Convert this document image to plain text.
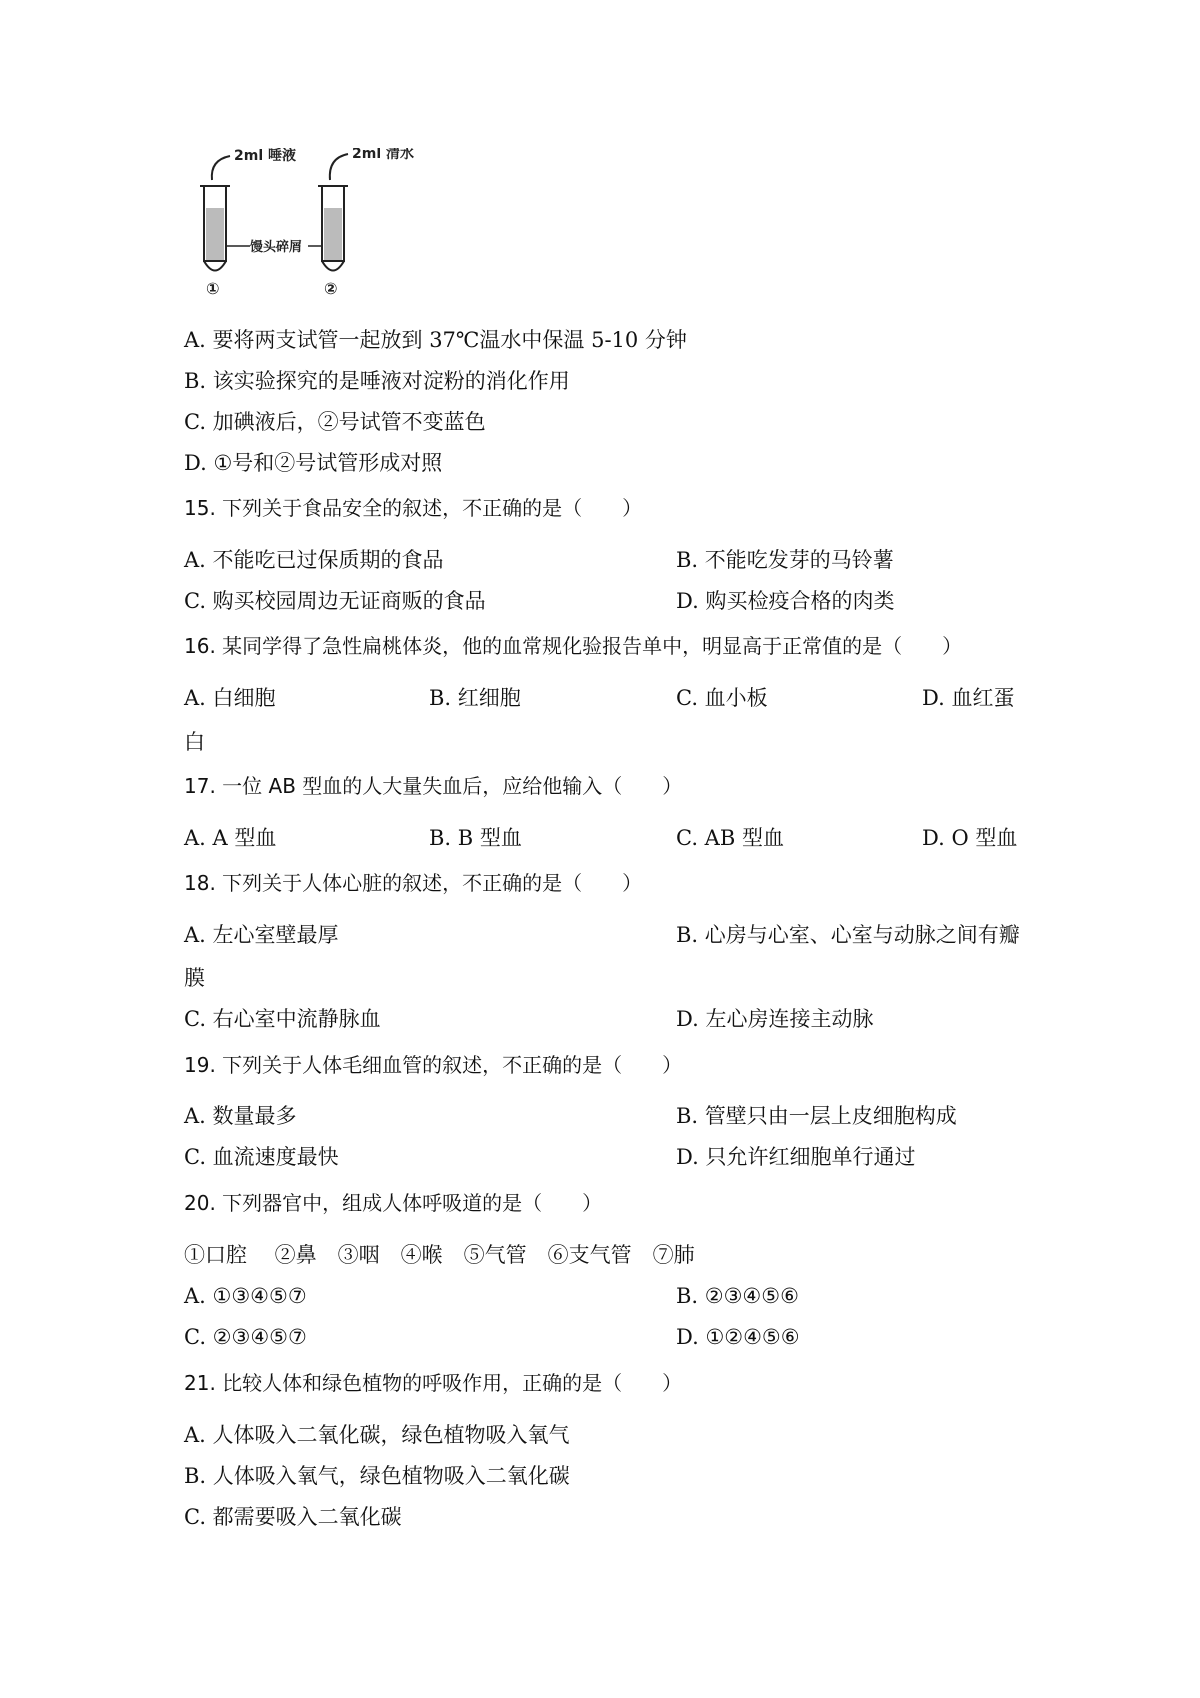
2ml 唾液	2ml 清水
馒头碎屑
①	②
A. 要将两支试管一起放到 37℃温水中保温 5-10 分钟
B. 该实验探究的是唾液对淀粉的消化作用
C. 加碘液后，②号试管不变蓝色
D. ①号和②号试管形成对照
15. 下列关于食品安全的叙述，不正确的是（　　）
A. 不能吃已过保质期的食品	B. 不能吃发芽的马铃薯
C. 购买校园周边无证商贩的食品	D. 购买检疫合格的肉类
16. 某同学得了急性扁桃体炎，他的血常规化验报告单中，明显高于正常值的是（　　）
A. 白细胞	B. 红细胞	C. 血小板	D. 血红蛋
白
17. 一位 AB 型血的人大量失血后，应给他输入（　　）
A. A 型血	B. B 型血	C. AB 型血	D. O 型血
18. 下列关于人体心脏的叙述，不正确的是（　　）
A. 左心室壁最厚	B. 心房与心室、心室与动脉之间有瓣
膜
C. 右心室中流静脉血	D. 左心房连接主动脉
19. 下列关于人体毛细血管的叙述，不正确的是（　　）
A. 数量最多	B. 管壁只由一层上皮细胞构成
C. 血流速度最快	D. 只允许红细胞单行通过
20. 下列器官中，组成人体呼吸道的是（　　）
①口腔　 ②鼻　③咽　④喉　⑤气管　⑥支气管　⑦肺
A. ①③④⑤⑦	B. ②③④⑤⑥
C. ②③④⑤⑦	D. ①②④⑤⑥
21. 比较人体和绿色植物的呼吸作用，正确的是（　　）
A. 人体吸入二氧化碳，绿色植物吸入氧气
B. 人体吸入氧气，绿色植物吸入二氧化碳
C. 都需要吸入二氧化碳
